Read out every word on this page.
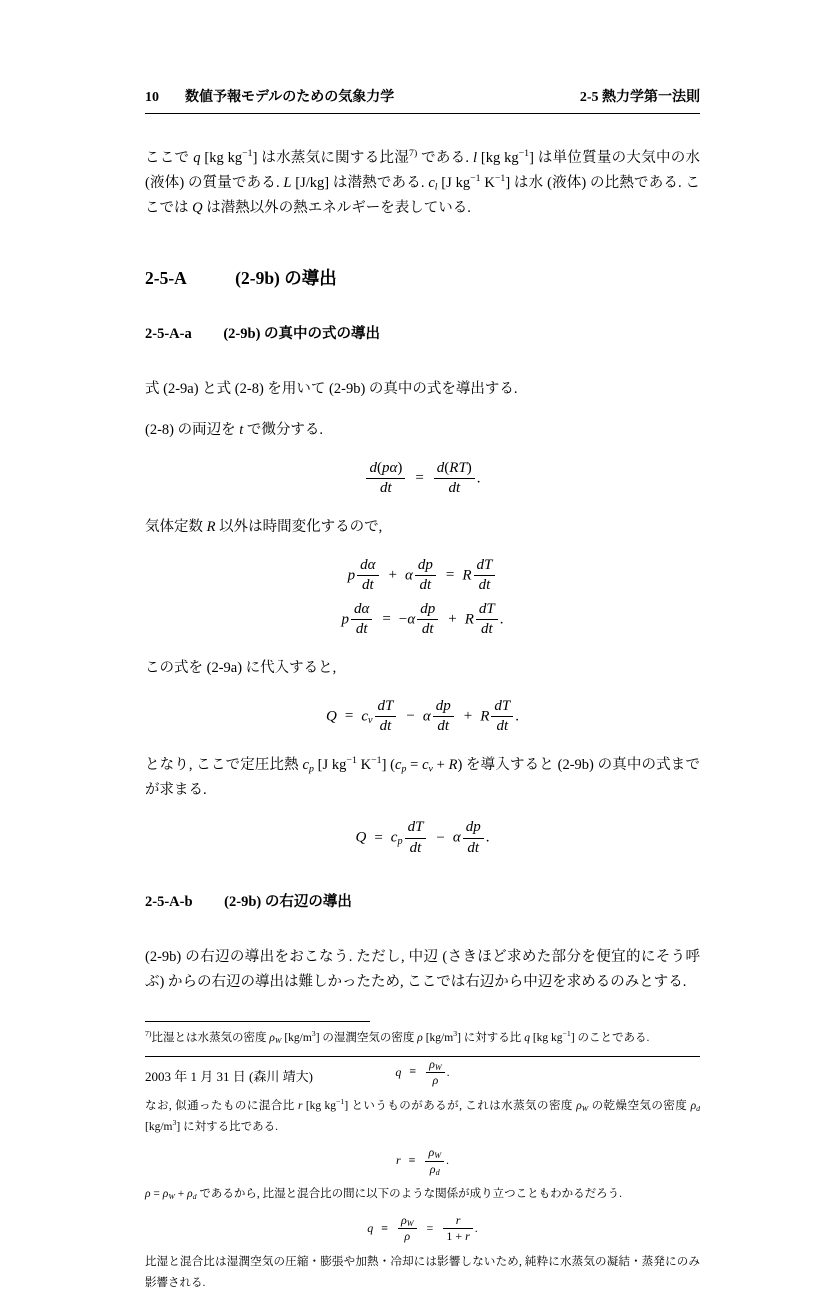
10 数値予報モデルのための気象力学	2-5 熱力学第一法則

ここで q [kg $kg^{-1}$] は水蒸気に関する比湿$^{7)}$ である. l [kg $kg^{-1}$] は単位質量の大気中の水 (液体) の質量である. L [J/kg] は潜熱である. cl [J $kg^{-1}$ $K^{-1}$] は水 (液体) の比熱である. ここでは Q は潜熱以外の熱エネルギーを表している.

2-5-A	(2-9b) の導出
2-5-A-a (2-9b) の真中の式の導出

式 (2-9a) と式 (2-8) を用いて (2-9b) の真中の式を導出する.

(2-8) の両辺を t で微分する.

$\frac{d(p\alpha)}{dt} = \frac{d(RT)}{dt}$ .

気体定数 R 以外は時間変化するので,

p $\frac{d\alpha}{dt} + \alpha \frac{dp}{dt} = R \frac{dT}{dt}$
p $\frac{d\alpha}{dt} = -\alpha \frac{dp}{dt} + R \frac{dT}{dt}$ .

この式を (2-9a) に代入すると,

Q = cv $\frac{dT}{dt} - \alpha \frac{dp}{dt} + R \frac{dT}{dt}$ .

となり, ここで定圧比熱 cp [J $kg^{-1}$ $K^{-1}$] (cp = cv + R) を導入すると (2-9b) の真中の式までが求まる.

Q = cp $\frac{dT}{dt} - \alpha \frac{dp}{dt}$ .
2-5-A-b (2-9b) の右辺の導出

(2-9b) の右辺の導出をおこなう. ただし, 中辺 (さきほど求めた部分を便宜的にそう呼ぶ) からの右辺の導出は難しかったため, ここでは右辺から中辺を求めるのみとする.

$^{7)}$比湿とは水蒸気の密度 ρW $[kg/m^3]$ の湿潤空気の密度 ρ $[kg/m^3]$ に対する比 q [kg $kg^{-1}$] のことである.

$q \equiv \frac{\rho W}{\rho}$ .

なお, 似通ったものに混合比 r [kg $kg^{-1}$] というものがあるが, これは水蒸気の密度 ρW の乾燥空気の密度 ρd $[kg/m^3]$ に対する比である.

$r \equiv \frac{\rho W}{\rho d}$ .

ρ = ρW + ρd であるから, 比湿と混合比の間に以下のような関係が成り立つこともわかるだろう.

$q \equiv \frac{\rho W}{\rho} = \frac{r}{1 + r}$ .

比湿と混合比は湿潤空気の圧縮・膨張や加熱・冷却には影響しないため, 純粋に水蒸気の凝結・蒸発にのみ影響される.

2003 年 1 月 31 日 (森川 靖大)
